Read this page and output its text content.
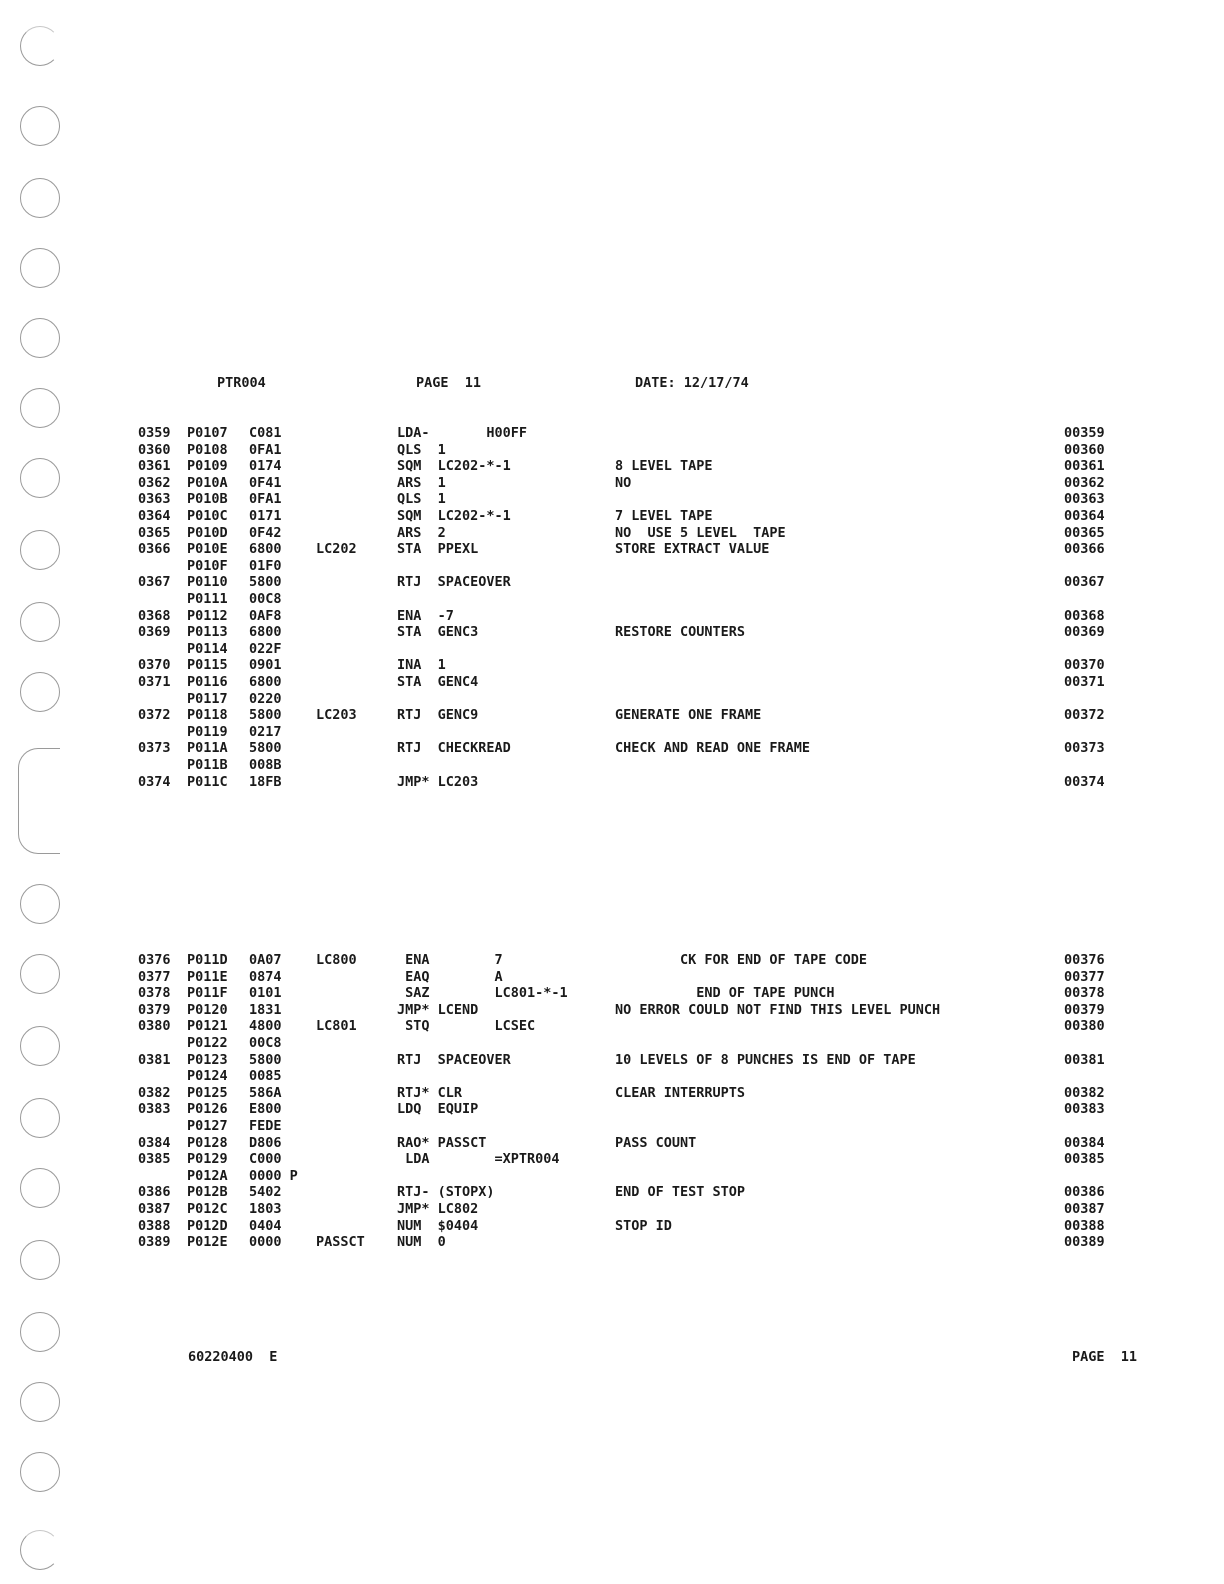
PTR004	PAGE  11	DATE: 12/17/74
0359 P0107 C081	LDA-       H00FF	00359
0360 P0108 0FA1	QLS  1	00360
0361 P0109 0174	SQM  LC202-*-1	8 LEVEL TAPE	00361
0362 P010A 0F41	ARS  1	NO	00362
0363 P010B 0FA1	QLS  1	00363
0364 P010C 0171	SQM  LC202-*-1	7 LEVEL TAPE	00364
0365 P010D 0F42	ARS  2	NO  USE 5 LEVEL  TAPE	00365
0366 P010E 6800	LC202	STA  PPEXL	STORE EXTRACT VALUE	00366
P010F 01F0
0367 P0110 5800	RTJ  SPACEOVER	00367
P0111 00C8
0368 P0112 0AF8	ENA  -7	00368
0369 P0113 6800	STA  GENC3	RESTORE COUNTERS	00369
P0114 022F
0370 P0115 0901	INA  1	00370
0371 P0116 6800	STA  GENC4	00371
P0117 0220
0372 P0118 5800	LC203	RTJ  GENC9	GENERATE ONE FRAME	00372
P0119 0217
0373 P011A 5800	RTJ  CHECKREAD	CHECK AND READ ONE FRAME	00373
P011B 008B
0374 P011C 18FB	JMP* LC203	00374
0376 P011D 0A07	LC800	ENA        7	CK FOR END OF TAPE CODE	00376
0377 P011E 0874	EAQ        A	00377
0378 P011F 0101	SAZ        LC801-*-1	END OF TAPE PUNCH	00378
0379 P0120 1831	JMP* LCEND	NO ERROR COULD NOT FIND THIS LEVEL PUNCH	00379
0380 P0121 4800	LC801	STQ        LCSEC	00380
P0122 00C8
0381 P0123 5800	RTJ  SPACEOVER	10 LEVELS OF 8 PUNCHES IS END OF TAPE	00381
P0124 0085
0382 P0125 586A	RTJ* CLR	CLEAR INTERRUPTS	00382
0383 P0126 E800	LDQ  EQUIP	00383
P0127 FEDE
0384 P0128 D806	RAO* PASSCT	PASS COUNT	00384
0385 P0129 C000	LDA        =XPTR004	00385
P012A 0000 P
0386 P012B 5402	RTJ- (STOPX)	END OF TEST STOP	00386
0387 P012C 1803	JMP* LC802	00387
0388 P012D 0404	NUM  $0404	STOP ID	00388
0389 P012E 0000	PASSCT NUM  0	00389
60220400  E	PAGE  11
